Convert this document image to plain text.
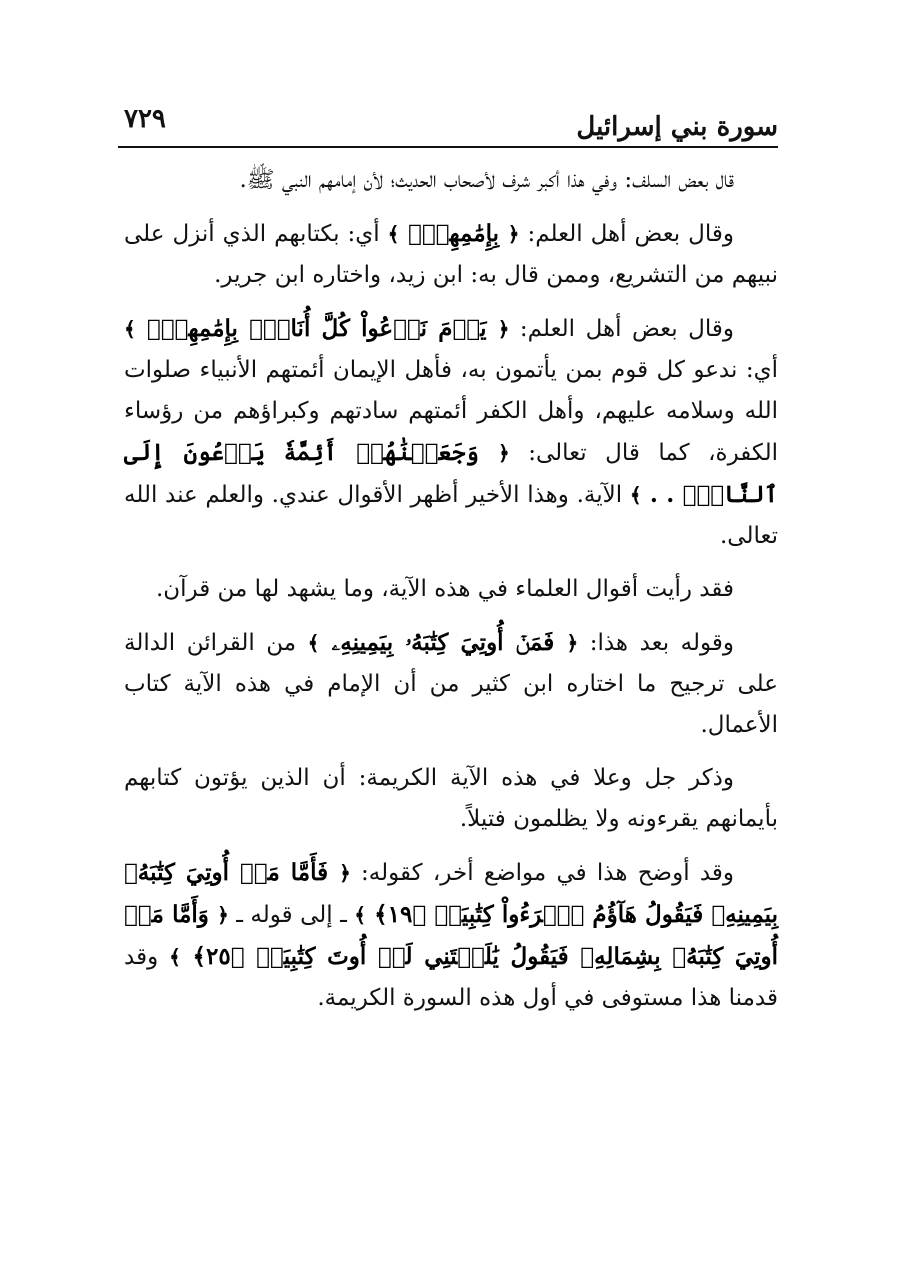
سورة بني إسرائيل
٧٢٩

قال بعض السلف: وفي هذا أكبر شرف لأصحاب الحديث؛ لأن إمامهم النبي ﷺ.

وقال بعض أهل العلم: ﴿ بِإِمَٰمِهِمۡۖ ﴾ أي: بكتابهم الذي أنزل على نبيهم من التشريع، وممن قال به: ابن زيد، واختاره ابن جرير.

وقال بعض أهل العلم: ﴿ يَوۡمَ نَدۡعُواْ كُلَّ أُنَاسِۭ بِإِمَٰمِهِمۡۖ ﴾ أي: ندعو كل قوم بمن يأتمون به، فأهل الإيمان أئمتهم الأنبياء صلوات الله وسلامه عليهم، وأهل الكفر أئمتهم سادتهم وكبراؤهم من رؤساء الكفرة، كما قال تعالى: ﴿ وَجَعَلۡنَٰهُمۡ أَئِمَّةٗ يَدۡعُونَ إِلَى ٱلنَّارِۖ . . ﴾ الآية. وهذا الأخير أظهر الأقوال عندي. والعلم عند الله تعالى.

فقد رأيت أقوال العلماء في هذه الآية، وما يشهد لها من قرآن.

وقوله بعد هذا: ﴿ فَمَنۡ أُوتِيَ كِتَٰبَهُۥ بِيَمِينِهِۦ ﴾ من القرائن الدالة على ترجيح ما اختاره ابن كثير من أن الإمام في هذه الآية كتاب الأعمال.

وذكر جل وعلا في هذه الآية الكريمة: أن الذين يؤتون كتابهم بأيمانهم يقرءونه ولا يظلمون فتيلاً.

وقد أوضح هذا في مواضع أخر، كقوله: ﴿ فَأَمَّا مَنۡ أُوتِيَ كِتَٰبَهُۥ بِيَمِينِهِۦ فَيَقُولُ هَآؤُمُ ٱقۡرَءُواْ كِتَٰبِيَهۡ ﴿١٩﴾ ﴾ ـ إلى قوله ـ ﴿ وَأَمَّا مَنۡ أُوتِيَ كِتَٰبَهُۥ بِشِمَالِهِۦ فَيَقُولُ يَٰلَيۡتَنِي لَمۡ أُوتَ كِتَٰبِيَهۡ ﴿٢٥﴾ ﴾ وقد قدمنا هذا مستوفى في أول هذه السورة الكريمة.
